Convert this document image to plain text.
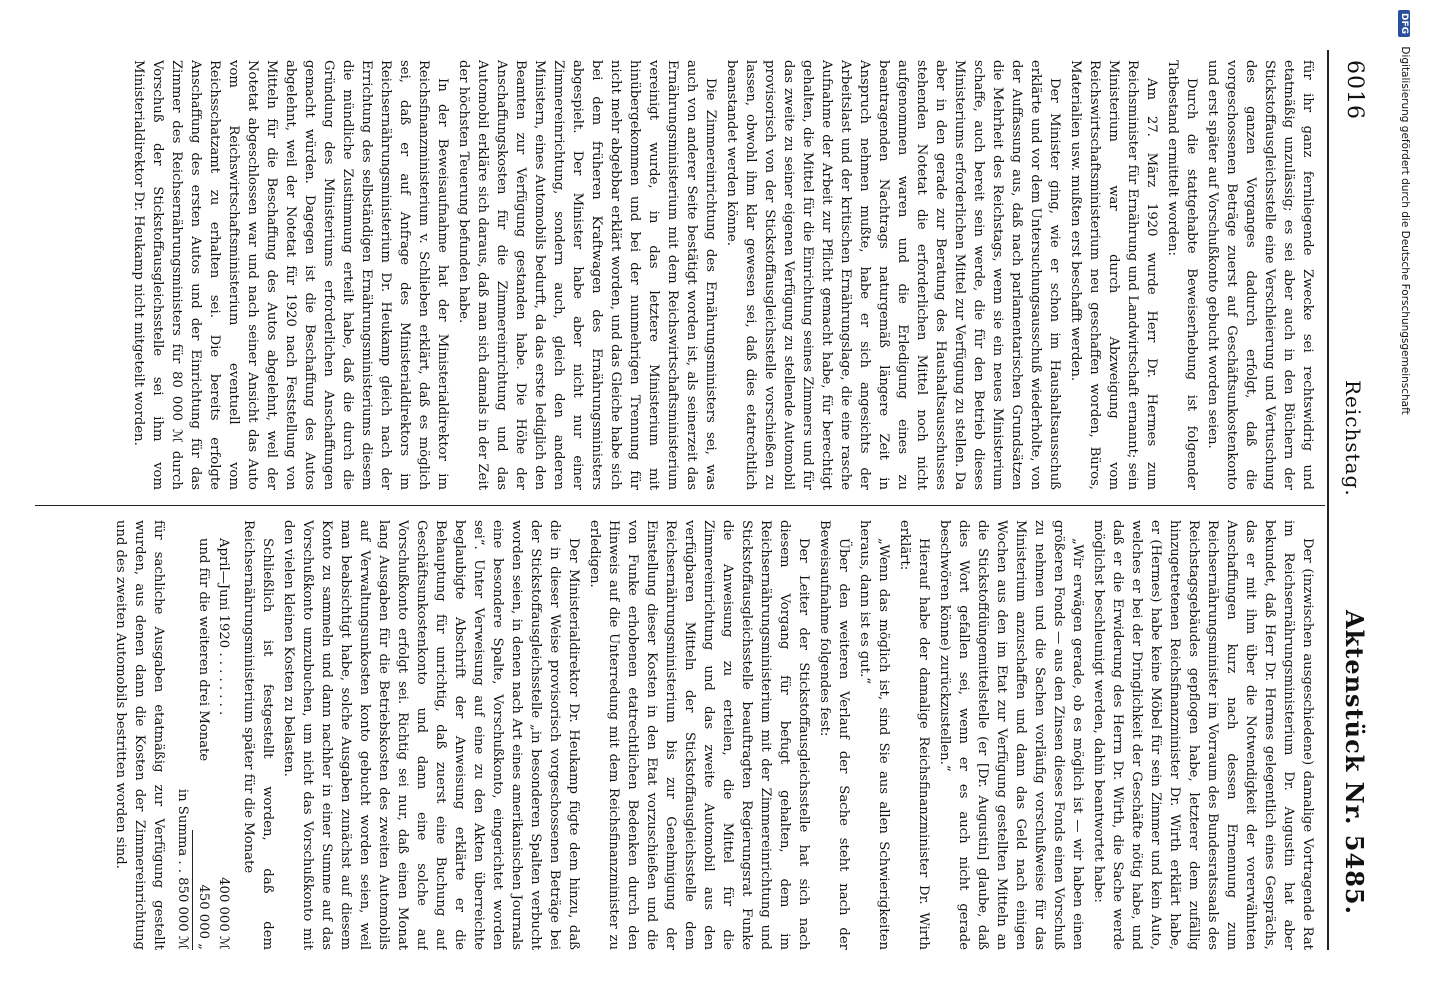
6016
Reichstag.
Aktenstück Nr. 5485.

für ihr ganz fernliegende Zwecke sei rechtswidrig und etatmäßig unzulässig; es sei aber auch in den Büchern der Stickstoffausgleichsstelle eine Verschleierung und Vertuschung des ganzen Vorganges dadurch erfolgt, daß die vorgeschossenen Beträge zuerst auf Geschäftsunkostenkonto und erst später auf Vorschußkonto gebucht worden seien.

Durch die stattgehabte Beweiserhebung ist folgender Tatbestand ermittelt worden:

Am 27. März 1920 wurde Herr Dr. Hermes zum Reichsminister für Ernährung und Landwirtschaft ernannt; sein Ministerium war durch Abzweigung vom Reichswirtschaftsministerium neu geschaffen worden, Büros, Materialien usw. mußten erst beschafft werden.

Der Minister ging, wie er schon im Haushaltsausschuß erklärte und vor dem Untersuchungsausschuß wiederholte, von der Auffassung aus, daß nach parlamentarischen Grundsätzen die Mehrheit des Reichstags, wenn sie ein neues Ministerium schaffe, auch bereit sein werde, die für den Betrieb dieses Ministeriums erforderlichen Mittel zur Verfügung zu stellen. Da aber in den gerade zur Beratung des Haushaltsausschusses stehenden Notetat die erforderlichen Mittel noch nicht aufgenommen waren und die Erledigung eines zu beantragenden Nachtrags naturgemäß längere Zeit in Anspruch nehmen mußte, habe er sich angesichts der Arbeitslast und der kritischen Ernährungslage, die eine rasche Aufnahme der Arbeit zur Pflicht gemacht habe, für berechtigt gehalten, die Mittel für die Einrichtung seines Zimmers und für das zweite zu seiner eigenen Verfügung zu stellende Automobil provisorisch von der Stickstoffausgleichsstelle vorschießen zu lassen, obwohl ihm klar gewesen sei, daß dies etatrechtlich beanstandet werden könne.

Die Zimmereinrichtung des Ernährungsministers sei, was auch von anderer Seite bestätigt worden ist, als seinerzeit das Ernährungsministerium mit dem Reichswirtschaftsministerium vereinigt wurde, in das letztere Ministerium mit hinübergekommen und bei der nunmehrigen Trennung für nicht mehr abgebbar erklärt worden, und das Gleiche habe sich bei dem früheren Kraftwagen des Ernährungsministers abgespielt. Der Minister habe aber nicht nur einer Zimmereinrichtung, sondern auch, gleich den anderen Ministern, eines Automobils bedurft, da das erste lediglich den Beamten zur Verfügung gestanden habe. Die Höhe der Anschaffungskosten für die Zimmereinrichtung und das Automobil erkläre sich daraus, daß man sich damals in der Zeit der höchsten Teuerung befunden habe.

In der Beweisaufnahme hat der Ministerialdirektor im Reichsfinanzministerium v. Schlieben erklärt, daß es möglich sei, daß er auf Anfrage des Ministerialdirektors im Reichsernährungsministerium Dr. Heukamp gleich nach der Errichtung des selbständigen Ernährungsministeriums diesem die mündliche Zustimmung erteilt habe, daß die durch die Gründung des Ministeriums erforderlichen Anschaffungen gemacht würden. Dagegen ist die Beschaffung des Autos abgelehnt, weil der Notetat für 1920 nach Feststellung von Mitteln für die Beschaffung des Autos abgelehnt, weil der Notetat abgeschlossen war und nach seiner Ansicht das Auto vom Reichswirtschaftsministerium eventuell vom Reichsschatzamt zu erhalten sei. Die bereits erfolgte Anschaffung des ersten Autos und der Einrichtung für das Zimmer des Reichsernährungsministers für 80 000 ℳ durch Vorschuß der Stickstoffausgleichsstelle sei ihm vom Ministerialdirektor Dr. Heukamp nicht mitgeteilt worden.

Der (inzwischen ausgeschiedene) damalige Vortragende Rat im Reichsernährungsministerium Dr. Augustin hat aber bekundet, daß Herr Dr. Hermes gelegentlich eines Gesprächs, das er mit ihm über die Notwendigkeit der vorerwähnten Anschaffungen kurz nach dessen Ernennung zum Reichsernährungsminister im Vorraum des Bundesratssaals des Reichstagsgebäudes gepflogen habe, letzterer dem zufällig hinzugetretenen Reichsfinanzminister Dr. Wirth erklärt habe, er (Hermes) habe keine Möbel für sein Zimmer und kein Auto, welches er bei der Dringlichkeit der Geschäfte nötig habe, und daß er die Erwiderung des Herrn Dr. Wirth, die Sache werde möglichst beschleunigt werden, dahin beantwortet habe:

„Wir erwägen gerade, ob es möglich ist — wir haben einen größeren Fonds — aus den Zinsen dieses Fonds einen Vorschuß zu nehmen und die Sachen vorläufig vorschußweise für das Ministerium anzuschaffen und dann das Geld nach einigen Wochen aus den im Etat zur Verfügung gestellten Mitteln an die Stickstoffdüngemittelstelle (er [Dr. Augustin] glaube, daß dies Wort gefallen sei, wenn er es auch nicht gerade beschwören könne) zurückzustellen.“

Hierauf habe der damalige Reichsfinanzminister Dr. Wirth erklärt:

„Wenn das möglich ist, sind Sie aus allen Schwierigkeiten heraus, dann ist es gut.“

Über den weiteren Verlauf der Sache steht nach der Beweisaufnahme folgendes fest:

Der Leiter der Stickstoffausgleichsstelle hat sich nach diesem Vorgang für befugt gehalten, dem im Reichsernährungsministerium mit der Zimmereinrichtung und Stickstoffausgleichsstelle beauftragten Regierungsrat Funke die Anweisung zu erteilen, die Mittel für die Zimmereinrichtung und das zweite Automobil aus den verfügbaren Mitteln der Stickstoffausgleichsstelle dem Reichsernährungsministerium bis zur Genehmigung der Einstellung dieser Kosten in den Etat vorzuschießen und die von Funke erhobenen etatrechtlichen Bedenken durch den Hinweis auf die Unterredung mit dem Reichsfinanzminister zu erledigen.

Der Ministerialdirektor Dr. Heukamp fügte dem hinzu, daß die in dieser Weise provisorisch vorgeschossenen Beträge bei der Stickstoffausgleichsstelle „in besonderen Spalten verbucht worden seien, in denen nach Art eines amerikanischen Journals eine besondere Spalte, Vorschußkonto, eingerichtet worden sei“. Unter Verweisung auf eine zu den Akten überreichte beglaubigte Abschrift der Anweisung erklärte er die Behauptung für unrichtig, daß zuerst eine Buchung auf Geschäftsunkostenkonto und dann eine solche auf Vorschußkonto erfolgt sei. Richtig sei nur, daß einen Monat lang Ausgaben für die Betriebskosten des zweiten Automobils auf Verwaltungsunkosten konto gebucht worden seien, weil man beabsichtigt habe, solche Ausgaben zunächst auf diesem Konto zu sammeln und dann nachher in einer Summe auf das Vorschußkonto umzubuchen, um nicht das Vorschußkonto mit den vielen kleinen Kosten zu belasten.

Schließlich ist festgestellt worden, daß dem Reichsernährungsministerium später für die Monate

April—Juni 1920 . . . . . . . .
400 000 ℳ
und für die weiteren drei Monate
450 000 „
in Summa . . 850 000 ℳ

für sachliche Ausgaben etatmäßig zur Verfügung gestellt wurden, aus denen dann die Kosten der Zimmereinrichtung und des zweiten Automobils bestritten worden sind.

DFG Digitalisierung gefördert durch die Deutsche Forschungsgemeinschaft
